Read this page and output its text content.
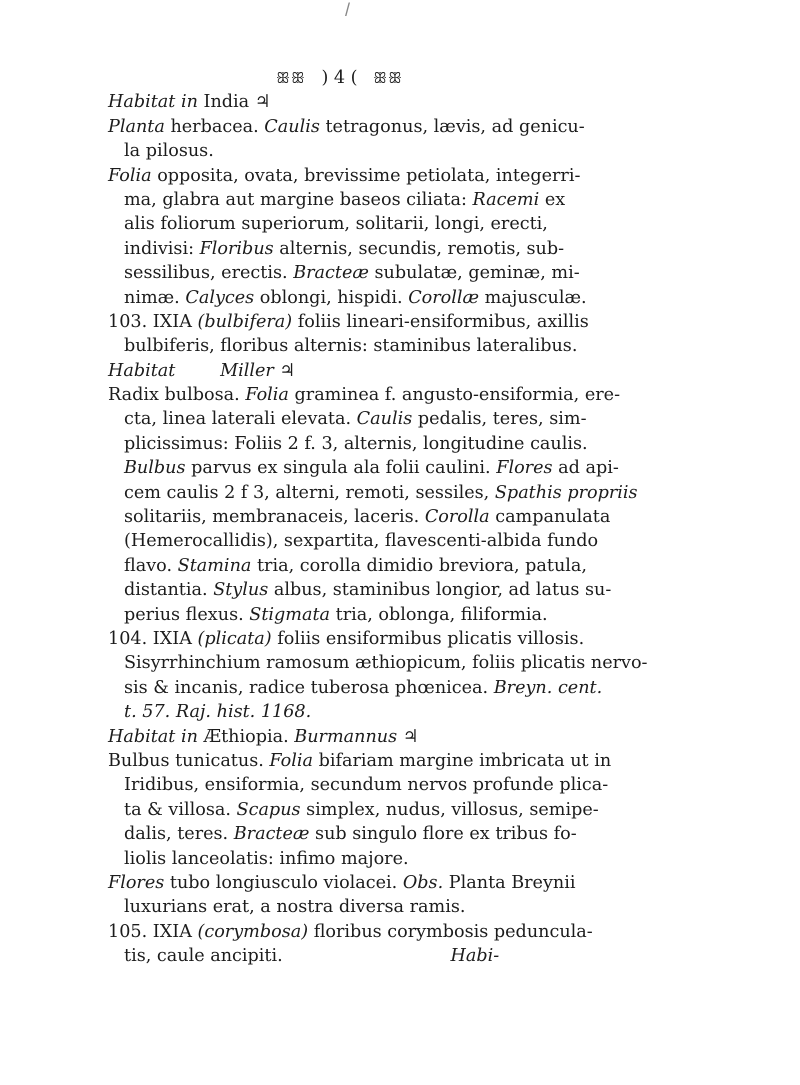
/
ꕥꕥ ) 4 ( ꕥꕥ
Habitat in India ♃
Planta herbacea. Caulis tetragonus, lævis, ad genicu-
la pilosus.
Folia opposita, ovata, brevissime petiolata, integerri-
ma, glabra aut margine baseos ciliata: Racemi ex
alis foliorum superiorum, solitarii, longi, erecti,
indivisi: Floribus alternis, secundis, remotis, sub-
sessilibus, erectis. Bracteæ subulatæ, geminæ, mi-
nimæ. Calyces oblongi, hispidi. Corollæ majusculæ.
103. IXIA (bulbifera) foliis lineari-ensiformibus, axillis
bulbiferis, floribus alternis: staminibus lateralibus.
Habitat        Miller ♃
Radix bulbosa. Folia graminea f. angusto-ensiformia, ere-
cta, linea laterali elevata. Caulis pedalis, teres, sim-
plicissimus: Foliis 2 f. 3, alternis, longitudine caulis.
Bulbus parvus ex singula ala folii caulini. Flores ad api-
cem caulis 2 f 3, alterni, remoti, sessiles, Spathis propriis
solitariis, membranaceis, laceris. Corolla campanulata
(Hemerocallidis), sexpartita, flavescenti-albida fundo
flavo. Stamina tria, corolla dimidio breviora, patula,
distantia. Stylus albus, staminibus longior, ad latus su-
perius flexus. Stigmata tria, oblonga, filiformia.
104. IXIA (plicata) foliis ensiformibus plicatis villosis.
Sisyrrhinchium ramosum æthiopicum, foliis plicatis nervo-
sis & incanis, radice tuberosa phœnicea. Breyn. cent.
t. 57. Raj. hist. 1168.
Habitat in Æthiopia. Burmannus ♃
Bulbus tunicatus. Folia bifariam margine imbricata ut in
Iridibus, ensiformia, secundum nervos profunde plica-
ta & villosa. Scapus simplex, nudus, villosus, semipe-
dalis, teres. Bracteæ sub singulo flore ex tribus fo-
liolis lanceolatis: infimo majore.
Flores tubo longiusculo violacei. Obs. Planta Breynii
luxurians erat, a nostra diversa ramis.
105. IXIA (corymbosa) floribus corymbosis peduncula-
tis, caule ancipiti.                              Habi-
